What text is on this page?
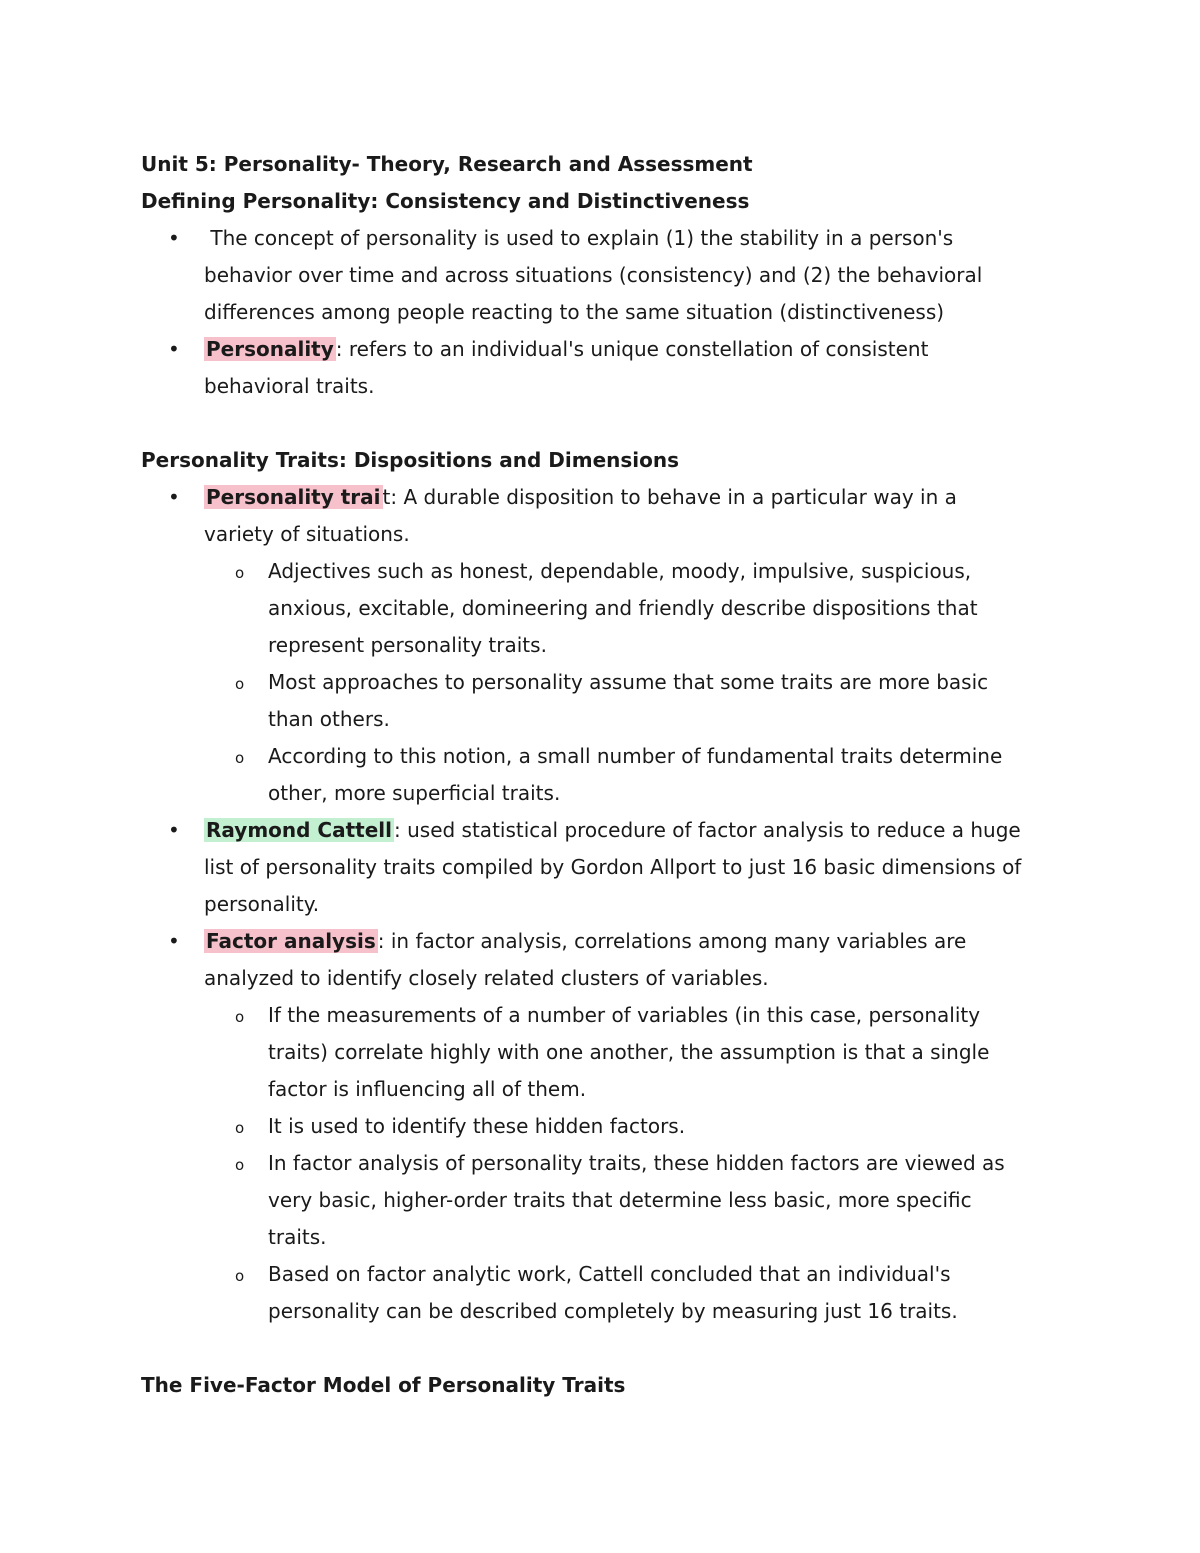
Unit 5: Personality- Theory, Research and Assessment
Defining Personality: Consistency and Distinctiveness
• The concept of personality is used to explain (1) the stability in a person's
behavior over time and across situations (consistency) and (2) the behavioral
differences among people reacting to the same situation (distinctiveness)
• Personality : refers to an individual's unique constellation of consistent
behavioral traits.
Personality Traits: Dispositions and Dimensions
• Personality trai t: A durable disposition to behave in a particular way in a
variety of situations.
o Adjectives such as honest, dependable, moody, impulsive, suspicious,
anxious, excitable, domineering and friendly describe dispositions that
represent personality traits.
o Most approaches to personality assume that some traits are more basic
than others.
o According to this notion, a small number of fundamental traits determine
other, more superficial traits.
• Raymond Cattell : used statistical procedure of factor analysis to reduce a huge
list of personality traits compiled by Gordon Allport to just 16 basic dimensions of
personality.
• Factor analysis : in factor analysis, correlations among many variables are
analyzed to identify closely related clusters of variables.
o If the measurements of a number of variables (in this case, personality
traits) correlate highly with one another, the assumption is that a single
factor is influencing all of them.
o It is used to identify these hidden factors.
o In factor analysis of personality traits, these hidden factors are viewed as
very basic, higher-order traits that determine less basic, more specific
traits.
o Based on factor analytic work, Cattell concluded that an individual's
personality can be described completely by measuring just 16 traits.
The Five-Factor Model of Personality Traits
